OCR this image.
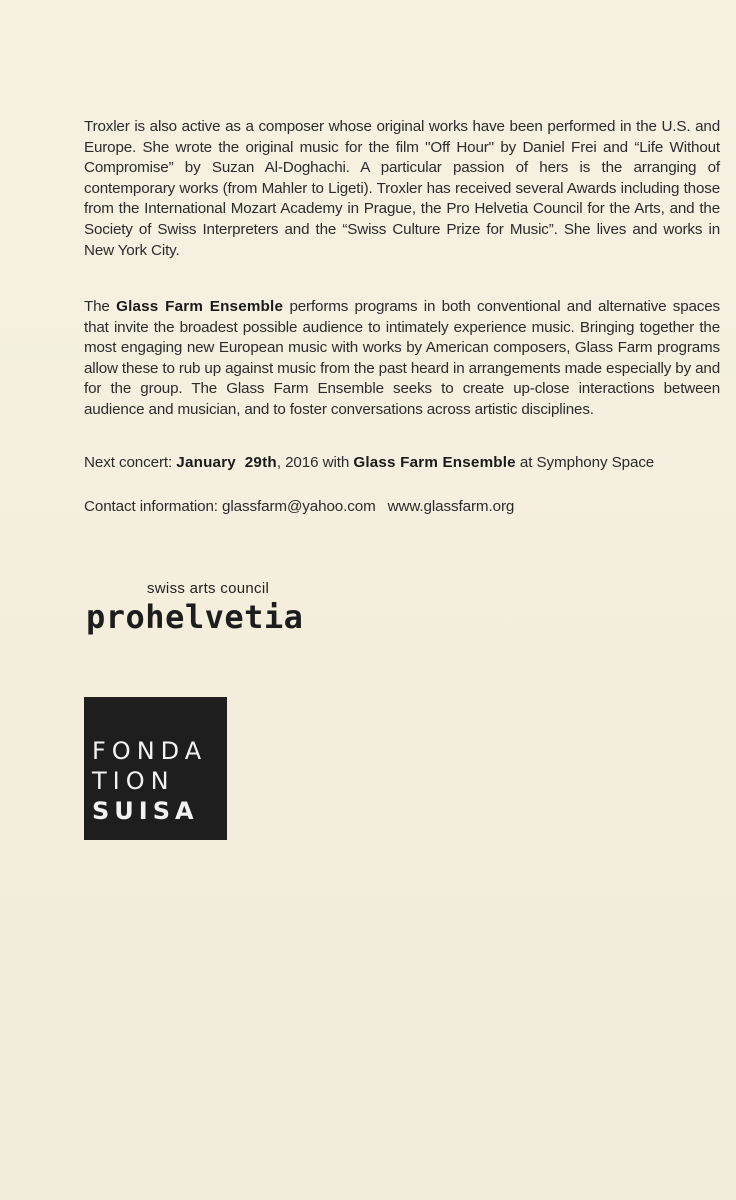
Troxler is also active as a composer whose original works have been performed in the U.S. and Europe. She wrote the original music for the film "Off Hour" by Daniel Frei and “Life Without Compromise” by Suzan Al-Doghachi. A particular passion of hers is the arranging of contemporary works (from Mahler to Ligeti). Troxler has received several Awards including those from the International Mozart Academy in Prague, the Pro Helvetia Council for the Arts, and the Society of Swiss Interpreters and the “Swiss Culture Prize for Music”. She lives and works in New York City.

The Glass Farm Ensemble performs programs in both conventional and alternative spaces that invite the broadest possible audience to intimately experience music. Bringing together the most engaging new European music with works by American composers, Glass Farm programs allow these to rub up against music from the past heard in arrangements made especially by and for the group. The Glass Farm Ensemble seeks to create up-close interactions between audience and musician, and to foster conversations across artistic disciplines.

Next concert: January  29th, 2016 with Glass Farm Ensemble at Symphony Space
Contact information: glassfarm@yahoo.com www.glassfarm.org
swiss arts council
prohelvetia
FONDA
TION
SUISA
